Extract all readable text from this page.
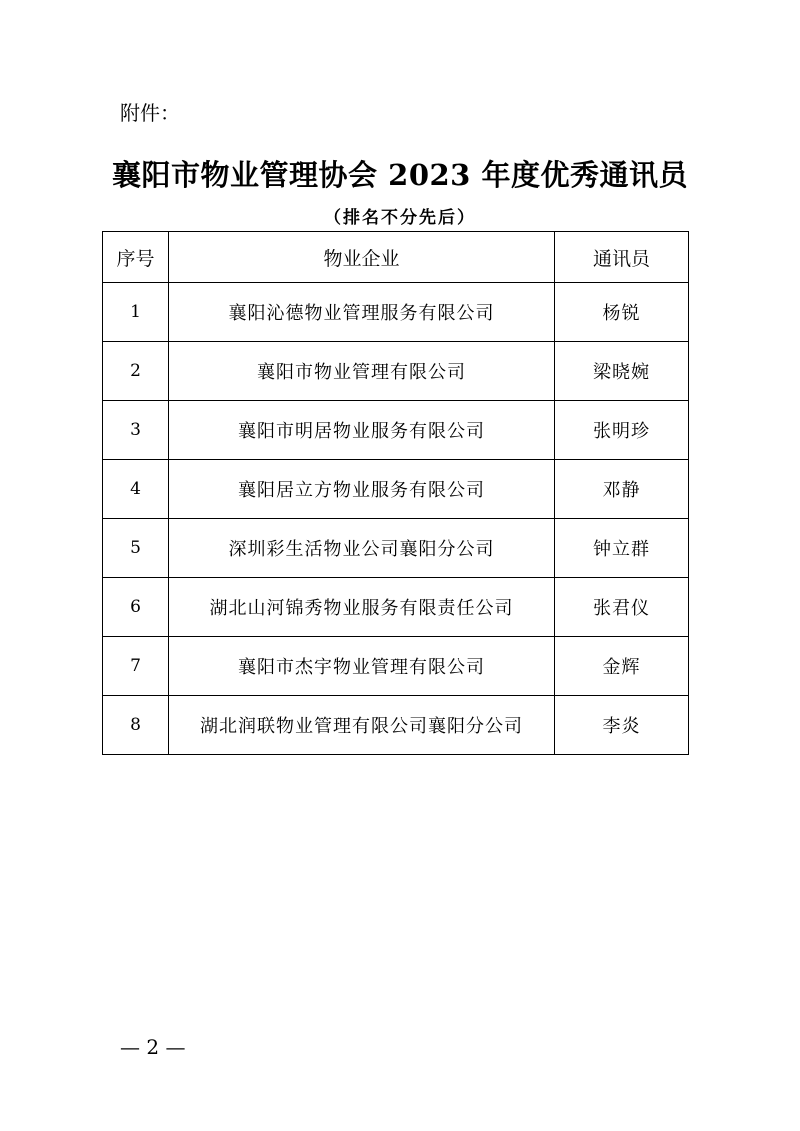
附件：
襄阳市物业管理协会 2023 年度优秀通讯员
（排名不分先后）
序号	物业企业	通讯员
1	襄阳沁德物业管理服务有限公司	杨锐
2	襄阳市物业管理有限公司	梁晓婉
3	襄阳市明居物业服务有限公司	张明珍
4	襄阳居立方物业服务有限公司	邓静
5	深圳彩生活物业公司襄阳分公司	钟立群
6	湖北山河锦秀物业服务有限责任公司	张君仪
7	襄阳市杰宇物业管理有限公司	金辉
8	湖北润联物业管理有限公司襄阳分公司	李炎
— 2 —
